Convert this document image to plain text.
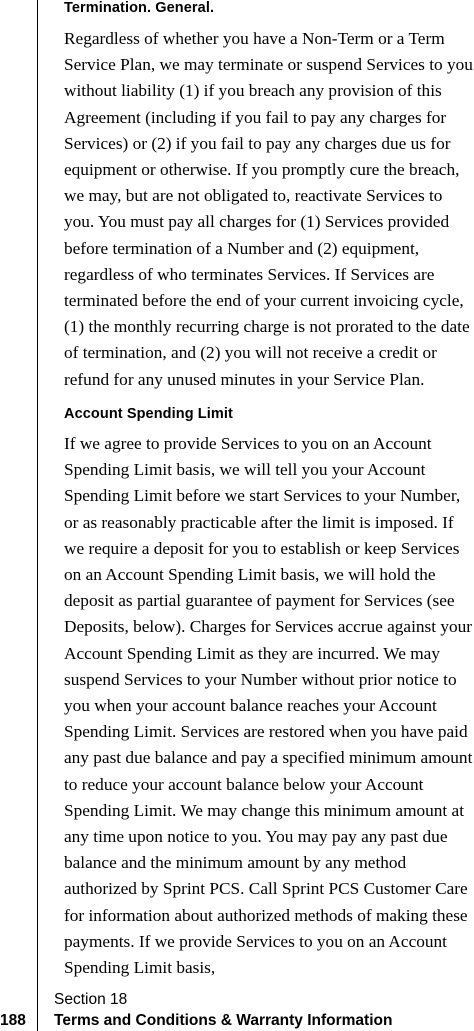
Termination. General.

Regardless of whether you have a Non-Term or a Term Service Plan, we may terminate or suspend Services to you without liability (1) if you breach any provision of this Agreement (including if you fail to pay any charges for Services) or (2) if you fail to pay any charges due us for equipment or otherwise. If you promptly cure the breach, we may, but are not obligated to, reactivate Services to you. You must pay all charges for (1) Services provided before termination of a Number and (2) equipment, regardless of who terminates Services. If Services are terminated before the end of your current invoicing cycle, (1) the monthly recurring charge is not prorated to the date of termination, and (2) you will not receive a credit or refund for any unused minutes in your Service Plan.

Account Spending Limit

If we agree to provide Services to you on an Account Spending Limit basis, we will tell you your Account Spending Limit before we start Services to your Number, or as reasonably practicable after the limit is imposed. If we require a deposit for you to establish or keep Services on an Account Spending Limit basis, we will hold the deposit as partial guarantee of payment for Services (see Deposits, below). Charges for Services accrue against your Account Spending Limit as they are incurred. We may suspend Services to your Number without prior notice to you when your account balance reaches your Account Spending Limit. Services are restored when you have paid any past due balance and pay a specified minimum amount to reduce your account balance below your Account Spending Limit. We may change this minimum amount at any time upon notice to you. You may pay any past due balance and the minimum amount by any method authorized by Sprint PCS. Call Sprint PCS Customer Care for information about authorized methods of making these payments. If we provide Services to you on an Account Spending Limit basis,

Section 18
188 Terms and Conditions & Warranty Information
